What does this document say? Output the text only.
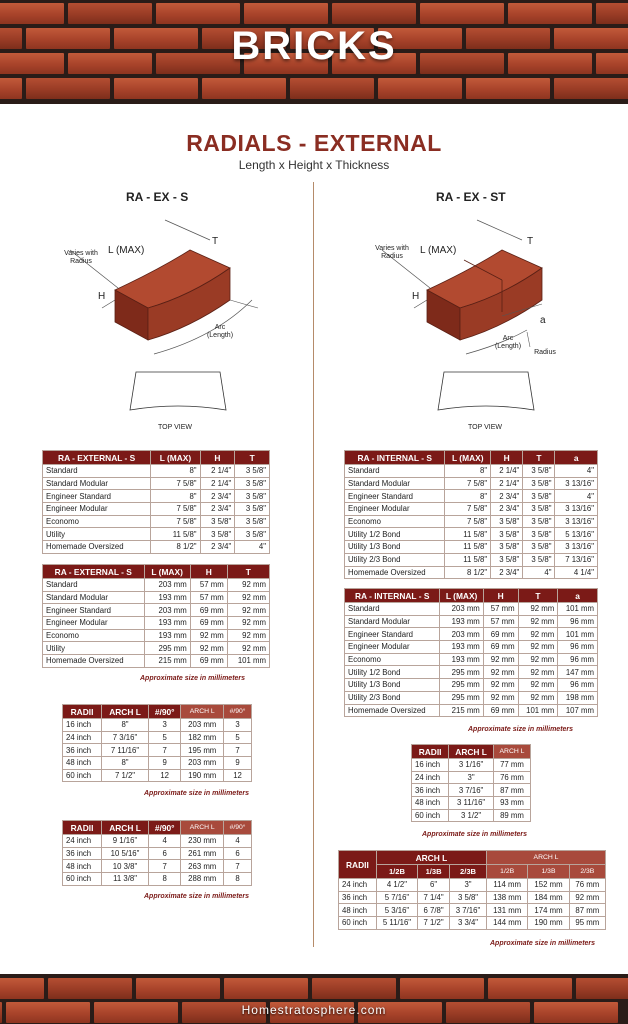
BRICKS
RADIALS - EXTERNAL
Length x Height x Thickness
RA - EX - S
L (MAX)
T
H
Varies with Radius
Arc (Length)
TOP VIEW
RA - EXTERNAL - S	L (MAX)	H	T
Standard	8"	2 1/4"	3 5/8"
Standard Modular	7 5/8"	2 1/4"	3 5/8"
Engineer Standard	8"	2 3/4"	3 5/8"
Engineer Modular	7 5/8"	2 3/4"	3 5/8"
Economo	7 5/8"	3 5/8"	3 5/8"
Utility	11 5/8"	3 5/8"	3 5/8"
Homemade Oversized	8 1/2"	2 3/4"	4"
RA - EXTERNAL - S	L (MAX)	H	T
Standard	203 mm	57 mm	92 mm
Standard Modular	193 mm	57 mm	92 mm
Engineer Standard	203 mm	69 mm	92 mm
Engineer Modular	193 mm	69 mm	92 mm
Economo	193 mm	92 mm	92 mm
Utility	295 mm	92 mm	92 mm
Homemade Oversized	215 mm	69 mm	101 mm
Approximate size in millimeters
RADII	ARCH L	#/90°	ARCH L	#/90°
16 inch	8"	3	203 mm	3
24 inch	7 3/16"	5	182 mm	5
36 inch	7 11/16"	7	195 mm	7
48 inch	8"	9	203 mm	9
60 inch	7 1/2"	12	190 mm	12
Approximate size in millimeters
RADII	ARCH L	#/90°	ARCH L	#/90°
24 inch	9 1/16"	4	230 mm	4
36 inch	10 5/16"	6	261 mm	6
48 inch	10 3/8"	7	263 mm	7
60 inch	11 3/8"	8	288 mm	8
Approximate size in millimeters
RA - EX - ST
L (MAX)
T
H
a
Varies with Radius
Arc (Length)
Radius
TOP VIEW
RA - INTERNAL - S	L (MAX)	H	T	a
Standard	8"	2 1/4"	3 5/8"	4"
Standard Modular	7 5/8"	2 1/4"	3 5/8"	3 13/16"
Engineer Standard	8"	2 3/4"	3 5/8"	4"
Engineer Modular	7 5/8"	2 3/4"	3 5/8"	3 13/16"
Economo	7 5/8"	3 5/8"	3 5/8"	3 13/16"
Utility 1/2 Bond	11 5/8"	3 5/8"	3 5/8"	5 13/16"
Utility 1/3 Bond	11 5/8"	3 5/8"	3 5/8"	3 13/16"
Utility 2/3 Bond	11 5/8"	3 5/8"	3 5/8"	7 13/16"
Homemade Oversized	8 1/2"	2 3/4"	4"	4 1/4"
RA - INTERNAL - S	L (MAX)	H	T	a
Standard	203 mm	57 mm	92 mm	101 mm
Standard Modular	193 mm	57 mm	92 mm	96 mm
Engineer Standard	203 mm	69 mm	92 mm	101 mm
Engineer Modular	193 mm	69 mm	92 mm	96 mm
Economo	193 mm	92 mm	92 mm	96 mm
Utility 1/2 Bond	295 mm	92 mm	92 mm	147 mm
Utility 1/3 Bond	295 mm	92 mm	92 mm	96 mm
Utility 2/3 Bond	295 mm	92 mm	92 mm	198 mm
Homemade Oversized	215 mm	69 mm	101 mm	107 mm
Approximate size in millimeters
RADII	ARCH L	ARCH L
16 inch	3 1/16"	77 mm
24 inch	3"	76 mm
36 inch	3 7/16"	87 mm
48 inch	3 11/16"	93 mm
60 inch	3 1/2"	89 mm
Approximate size in millimeters
RADII	ARCH L			ARCH L		
	1/2B	1/3B	2/3B	1/2B	1/3B	2/3B
24 inch	4 1/2"	6"	3"	114 mm	152 mm	76 mm
36 inch	5 7/16"	7 1/4"	3 5/8"	138 mm	184 mm	92 mm
48 inch	5 3/16"	6 7/8"	3 7/16"	131 mm	174 mm	87 mm
60 inch	5 11/16"	7 1/2"	3 3/4"	144 mm	190 mm	95 mm
Approximate size in millimeters
Homestratosphere.com
